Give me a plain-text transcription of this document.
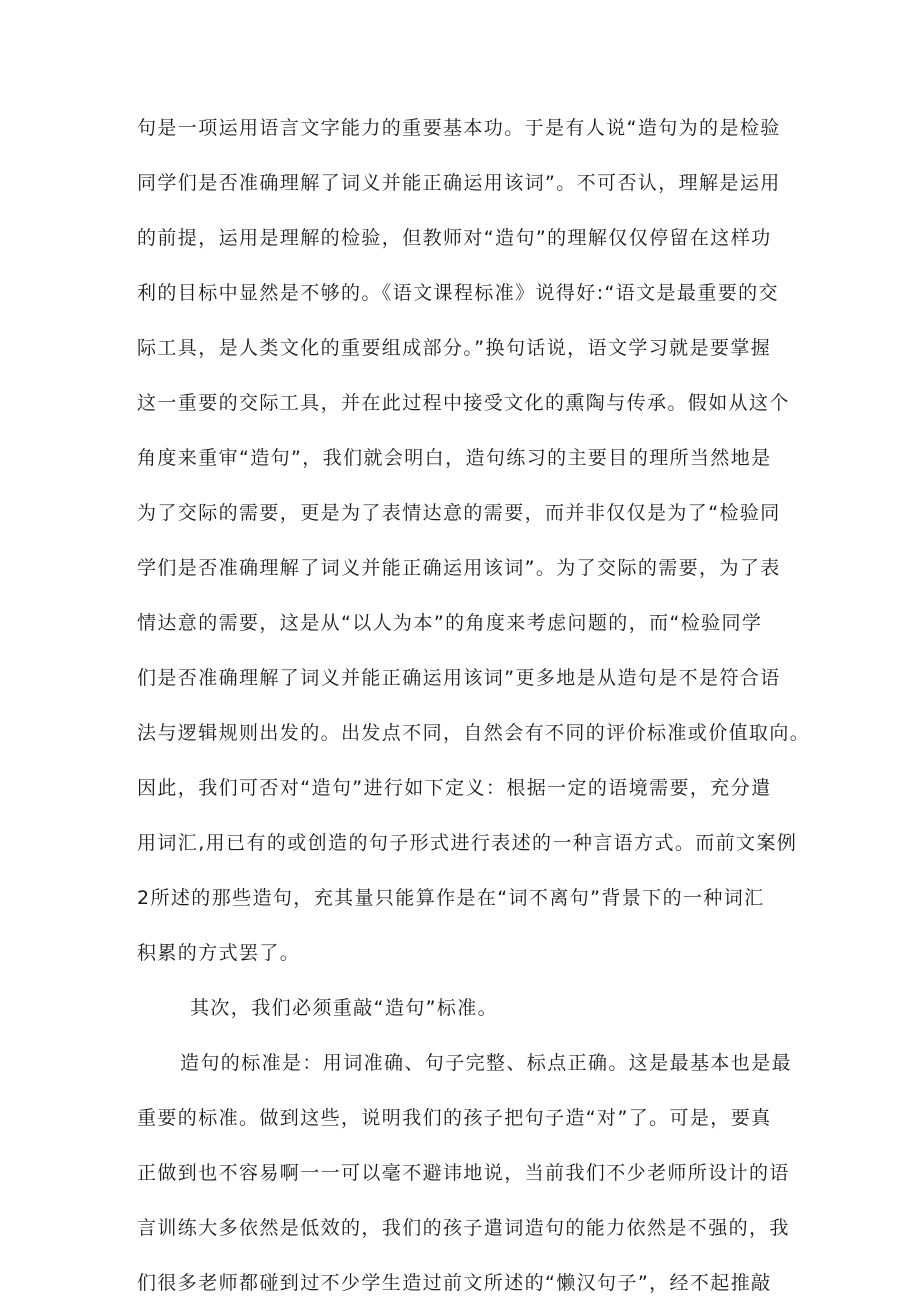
句是一项运用语言文字能力的重要基本功。于是有人说“造句为的是检验
同学们是否准确理解了词义并能正确运用该词”。不可否认，理解是运用
的前提，运用是理解的检验，但教师对“造句”的理解仅仅停留在这样功
利的目标中显然是不够的。《语文课程标准》说得好:“语文是最重要的交
际工具，是人类文化的重要组成部分。”换句话说，语文学习就是要掌握
这一重要的交际工具，并在此过程中接受文化的熏陶与传承。假如从这个
角度来重审“造句”，我们就会明白，造句练习的主要目的理所当然地是
为了交际的需要，更是为了表情达意的需要，而并非仅仅是为了“检验同
学们是否准确理解了词义并能正确运用该词”。为了交际的需要，为了表
情达意的需要，这是从“以人为本”的角度来考虑问题的，而“检验同学
们是否准确理解了词义并能正确运用该词”更多地是从造句是不是符合语
法与逻辑规则出发的。出发点不同，自然会有不同的评价标准或价值取向。
因此，我们可否对“造句”进行如下定义：根据一定的语境需要，充分遣
用词汇,用已有的或创造的句子形式进行表述的一种言语方式。而前文案例
2所述的那些造句，充其量只能算作是在“词不离句”背景下的一种词汇
积累的方式罢了。
其次，我们必须重敲“造句”标准。
造句的标准是：用词准确、句子完整、标点正确。这是最基本也是最
重要的标准。做到这些，说明我们的孩子把句子造“对”了。可是，要真
正做到也不容易啊一一可以毫不避讳地说，当前我们不少老师所设计的语
言训练大多依然是低效的，我们的孩子遣词造句的能力依然是不强的，我
们很多老师都碰到过不少学生造过前文所述的“懒汉句子”，经不起推敲
